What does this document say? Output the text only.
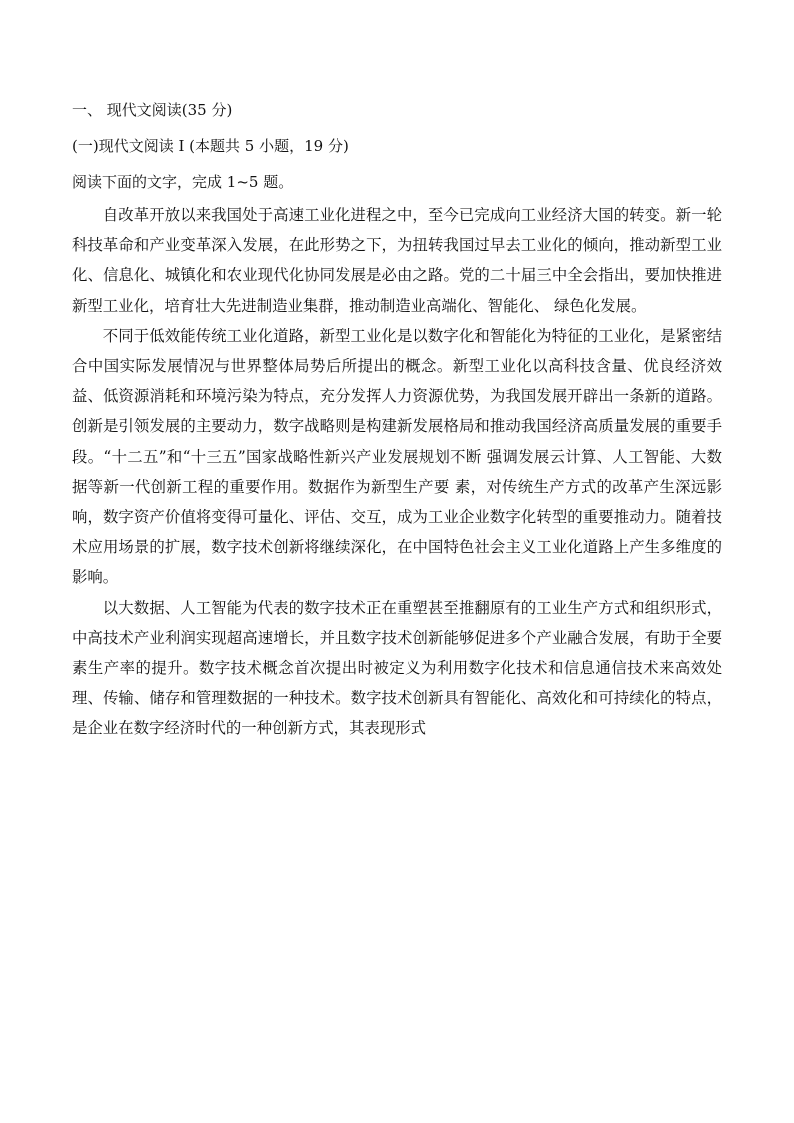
一、 现代文阅读(35 分)

(一)现代文阅读 I (本题共 5 小题，19 分)

阅读下面的文字，完成 1~5 题。

自改革开放以来我国处于高速工业化进程之中，至今已完成向工业经济大国的转变。新一轮科技革命和产业变革深入发展，在此形势之下，为扭转我国过早去工业化的倾向，推动新型工业化、信息化、城镇化和农业现代化协同发展是必由之路。党的二十届三中全会指出，要加快推进新型工业化，培育壮大先进制造业集群，推动制造业高端化、智能化、 绿色化发展。

不同于低效能传统工业化道路，新型工业化是以数字化和智能化为特征的工业化，是紧密结合中国实际发展情况与世界整体局势后所提出的概念。新型工业化以高科技含量、优良经济效益、低资源消耗和环境污染为特点，充分发挥人力资源优势，为我国发展开辟出一条新的道路。创新是引领发展的主要动力，数字战略则是构建新发展格局和推动我国经济高质量发展的重要手段。“十二五”和“十三五”国家战略性新兴产业发展规划不断 强调发展云计算、人工智能、大数据等新一代创新工程的重要作用。数据作为新型生产要 素，对传统生产方式的改革产生深远影响，数字资产价值将变得可量化、评估、交互，成为工业企业数字化转型的重要推动力。随着技术应用场景的扩展，数字技术创新将继续深化，在中国特色社会主义工业化道路上产生多维度的影响。

以大数据、人工智能为代表的数字技术正在重塑甚至推翻原有的工业生产方式和组织形式，中高技术产业利润实现超高速增长，并且数字技术创新能够促进多个产业融合发展，有助于全要素生产率的提升。数字技术概念首次提出时被定义为利用数字化技术和信息通信技术来高效处理、传输、储存和管理数据的一种技术。数字技术创新具有智能化、高效化和可持续化的特点，是企业在数字经济时代的一种创新方式，其表现形式
